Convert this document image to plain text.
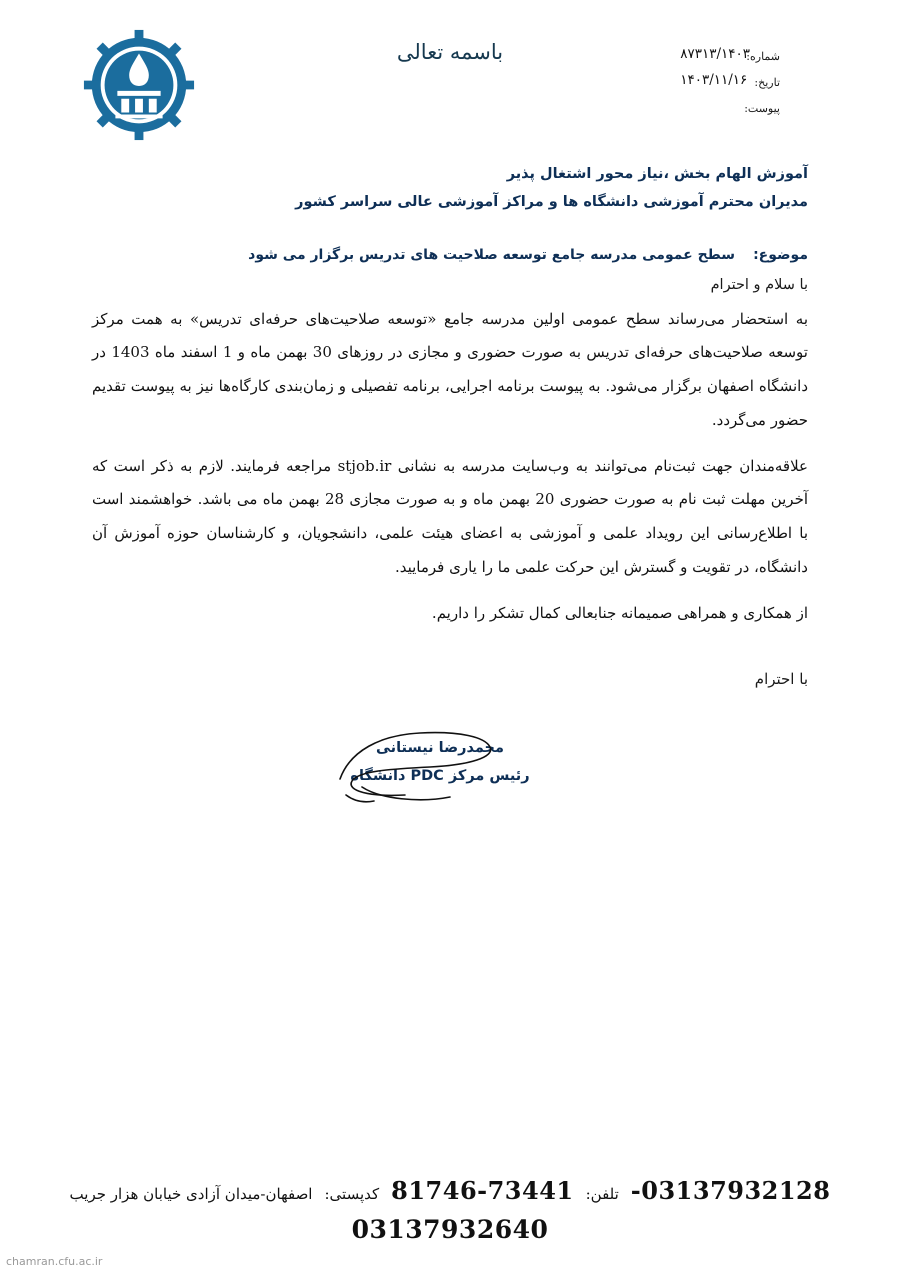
شماره:
تاریخ:
پیوست:
۸۷۳۱۳/۱۴۰۳
۱۴۰۳/۱۱/۱۶
باسمه تعالی

آموزش الهام بخش ،نیاز محور اشتغال پذیر

مدیران محترم آموزشی دانشگاه ها و مراکز آموزشی عالی سراسر کشور

موضوع:
سطح عمومی مدرسه جامع توسعه صلاحیت های تدریس برگزار می شود

با سلام و احترام

به استحضار می‌رساند سطح عمومی اولین مدرسه جامع «توسعه صلاحیت‌های حرفه‌ای تدریس» به همت مرکز توسعه صلاحیت‌های حرفه‌ای تدریس به صورت حضوری و مجازی در روزهای 30 بهمن ماه و 1 اسفند ماه 1403 در دانشگاه اصفهان برگزار می‌شود. به پیوست برنامه اجرایی، برنامه تفصیلی و زمان‌بندی کارگاه‌ها نیز به پیوست تقدیم حضور می‌گردد.

علاقه‌مندان جهت ثبت‌نام می‌توانند به وب‌سایت مدرسه به نشانی stjob.ir مراجعه فرمایند. لازم به ذکر است که آخرین مهلت ثبت نام به صورت حضوری 20 بهمن ماه و به صورت مجازی 28 بهمن ماه می باشد. خواهشمند است با اطلاع‌رسانی این رویداد علمی و آموزشی به اعضای هیئت علمی، دانشجویان، و کارشناسان حوزه آموزش آن دانشگاه، در تقویت و گسترش این حرکت علمی ما را یاری فرمایید.

از همکاری و همراهی صمیمانه جنابعالی کمال تشکر را داریم.

با احترام

محمدرضا نیستانی
رئیس مرکز PDC دانشگاه
03137932128-
تلفن:
81746-73441
کدپستی:
اصفهان-میدان آزادی خیابان هزار جریب
03137932640
chamran.cfu.ac.ir
